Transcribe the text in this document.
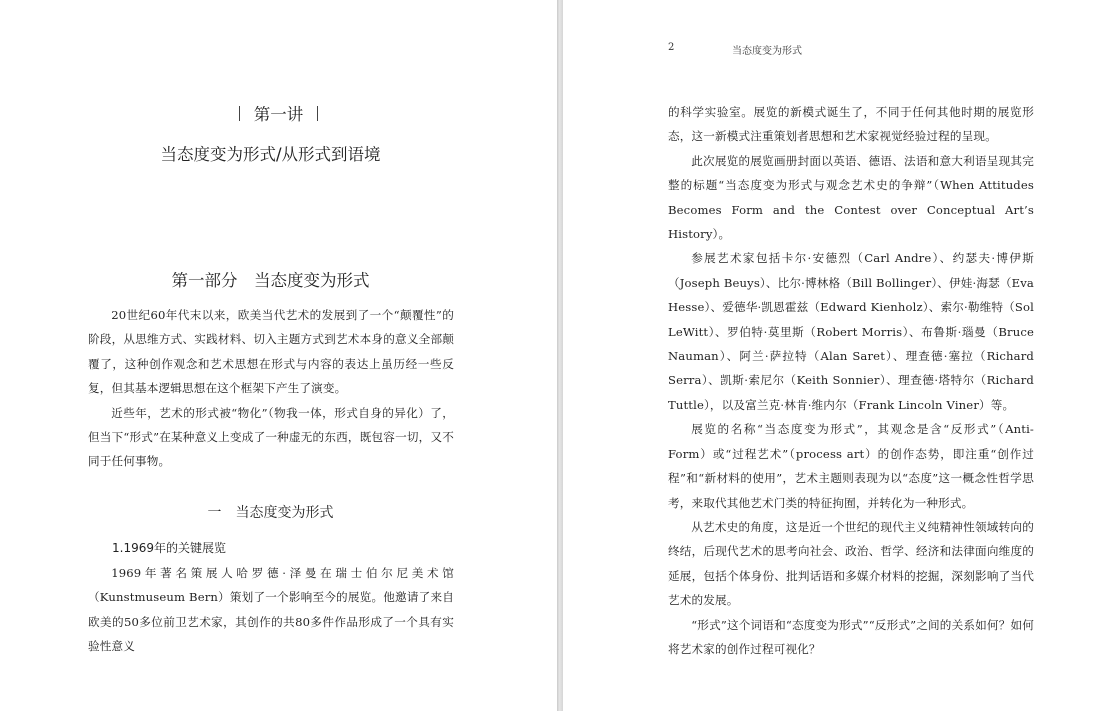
第一讲
当态度变为形式/从形式到语境
第一部分　当态度变为形式

20世纪60年代末以来，欧美当代艺术的发展到了一个“颠覆性”的阶段，从思维方式、实践材料、切入主题方式到艺术本身的意义全部颠覆了，这种创作观念和艺术思想在形式与内容的表达上虽历经一些反复，但其基本逻辑思想在这个框架下产生了演变。

近些年，艺术的形式被“物化”（物我一体，形式自身的异化）了，但当下“形式”在某种意义上变成了一种虚无的东西，既包容一切，又不同于任何事物。

一　当态度变为形式
1.1969年的关键展览

1969年著名策展人哈罗德·泽曼在瑞士伯尔尼美术馆（Kunstmuseum Bern）策划了一个影响至今的展览。他邀请了来自欧美的50多位前卫艺术家，其创作的共80多件作品形成了一个具有实验性意义

2	当态度变为形式

的科学实验室。展览的新模式诞生了，不同于任何其他时期的展览形态，这一新模式注重策划者思想和艺术家视觉经验过程的呈现。

此次展览的展览画册封面以英语、德语、法语和意大利语呈现其完整的标题“当态度变为形式与观念艺术史的争辩”（When Attitudes Becomes Form and the Contest over Conceptual Art’s History）。

参展艺术家包括卡尔·安德烈（Carl Andre）、约瑟夫·博伊斯（Joseph Beuys）、比尔·博林格（Bill Bollinger）、伊娃·海瑟（Eva Hesse）、爱德华·凯恩霍兹（Edward Kienholz）、索尔·勒维特（Sol LeWitt）、罗伯特·莫里斯（Robert Morris）、布鲁斯·瑙曼（Bruce Nauman）、阿兰·萨拉特（Alan Saret）、理查德·塞拉（Richard Serra）、凯斯·索尼尔（Keith Sonnier）、理查德·塔特尔（Richard Tuttle），以及富兰克·林肯·维内尔（Frank Lincoln Viner）等。

展览的名称“当态度变为形式”，其观念是含“反形式”（Anti-Form）或“过程艺术”（process art）的创作态势，即注重“创作过程”和“新材料的使用”，艺术主题则表现为以“态度”这一概念性哲学思考，来取代其他艺术门类的特征拘囿，并转化为一种形式。

从艺术史的角度，这是近一个世纪的现代主义纯精神性领域转向的终结，后现代艺术的思考向社会、政治、哲学、经济和法律面向维度的延展，包括个体身份、批判话语和多媒介材料的挖掘，深刻影响了当代艺术的发展。

“形式”这个词语和“态度变为形式”“反形式”之间的关系如何？如何将艺术家的创作过程可视化？
